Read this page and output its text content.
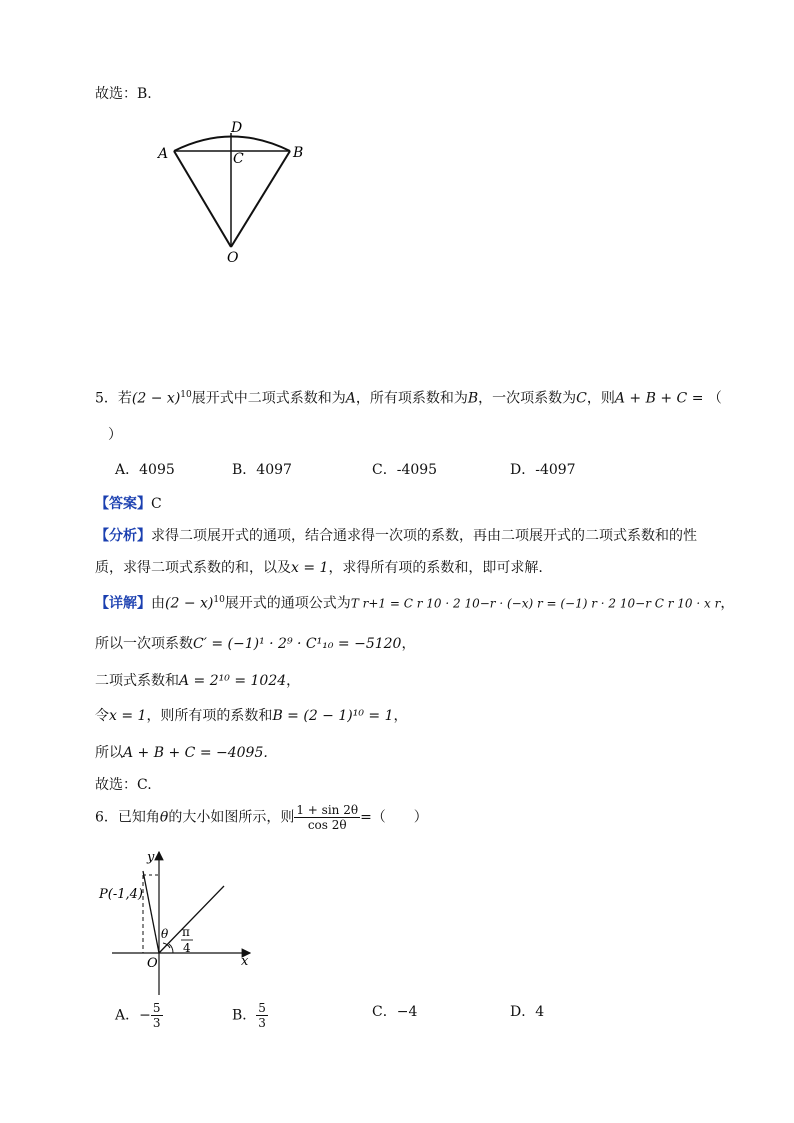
故选：B.
A	B
C
D
O
5．若$(2 - x)^{10}$展开式中二项式系数和为A，所有项系数和为B，一次项系数为C，则A + B + C = （
）
A．4095	B．4097	C．-4095	D．-4097
【答案】C
【分析】求得二项展开式的通项，结合通求得一次项的系数，再由二项展开式的二项式系数和的性
质，求得二项式系数的和，以及x = 1，求得所有项的系数和，即可求解.
【详解】由$(2 - x)^{10}$展开式的通项公式为T r+1 = C r 10 · 2 10−r · (−x) r = (−1) r · 2 10−r C r 10 · x r，
所以一次项系数C′ = (−1)¹ · 2⁹ · C¹₁₀ = −5120，
二项式系数和A = 2¹⁰ = 1024，
令x = 1，则所有项的系数和B = (2 − 1)¹⁰ = 1，
所以A + B + C = −4095.
故选：C.
6．已知角θ的大小如图所示，则 $\frac{1 + \sin 2\theta}{\cos 2\theta}$ =（　　）
P(-1,4)
y
x
O
θ π
4
A．− $\frac{5}{3}$	B． $\frac{5}{3}$	C．−4	D．4
